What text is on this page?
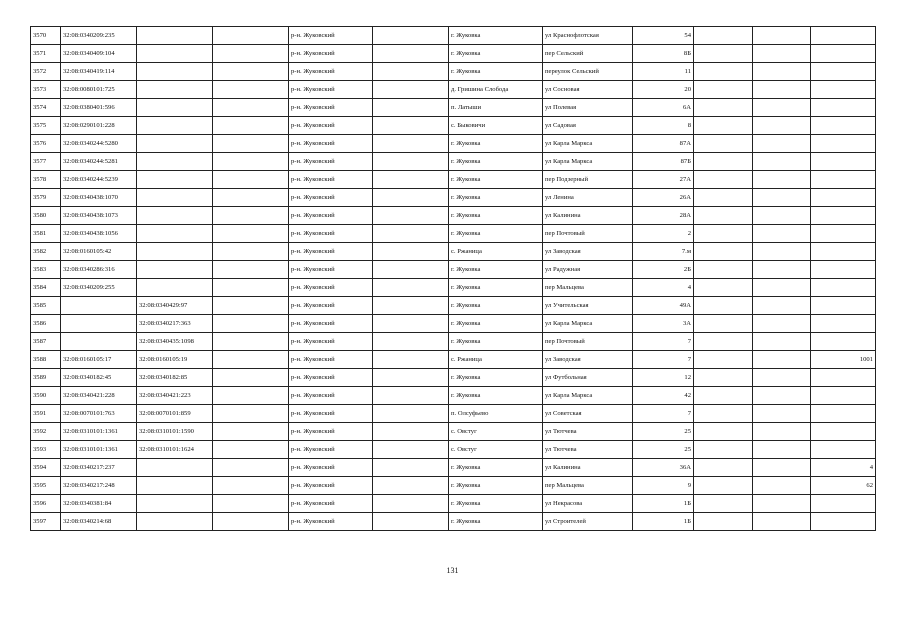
3570	32:08:0340209:235			р-н. Жуковский		г. Жуковка	ул Краснофлотская	54			
3571	32:08:0340409:104			р-н. Жуковский		г. Жуковка	пер Сельский	8Б			
3572	32:08:0340419:114			р-н. Жуковский		г. Жуковка	переулок Сельский	11			
3573	32:08:0080101:725			р-н. Жуковский		д. Гришина Слобода	ул Сосновая	20			
3574	32:08:0380401:596			р-н. Жуковский		п. Латыши	ул Полевая	6А			
3575	32:08:0290101:228			р-н. Жуковский		с. Быковичи	ул Садовая	8			
3576	32:08:0340244:5280			р-н. Жуковский		г. Жуковка	ул Карла Маркса	87А			
3577	32:08:0340244:5281			р-н. Жуковский		г. Жуковка	ул Карла Маркса	87Б			
3578	32:08:0340244:5239			р-н. Жуковский		г. Жуковка	пер Подзерный	27А			
3579	32:08:0340438:1070			р-н. Жуковский		г. Жуковка	ул Ленина	26А			
3580	32:08:0340438:1073			р-н. Жуковский		г. Жуковка	ул Калинина	28А			
3581	32:08:0340438:1056			р-н. Жуковский		г. Жуковка	пер Почтовый	2			
3582	32:08:0160105:42			р-н. Жуковский		с. Ржаница	ул Заводская	7.м			
3583	32:08:0340286:316			р-н. Жуковский		г. Жуковка	ул Радужная	2Б			
3584	32:08:0340209:255			р-н. Жуковский		г. Жуковка	пер Мальцева	4			
3585		32:08:0340429:97		р-н. Жуковский		г. Жуковка	ул Учительская	49А			
3586		32:08:0340217:363		р-н. Жуковский		г. Жуковка	ул Карла Маркса	3А			
3587		32:08:0340435:1098		р-н. Жуковский		г. Жуковка	пер Почтовый	7			
3588	32:08:0160105:17	32:08:0160105:19		р-н. Жуковский		с. Ржаница	ул Заводская	7			1001
3589	32:08:0340182:45	32:08:0340182:85		р-н. Жуковский		г. Жуковка	ул Футбольная	12			
3590	32:08:0340421:228	32:08:0340421:223		р-н. Жуковский		г. Жуковка	ул Карла Маркса	42			
3591	32:08:0070101:763	32:08:0070101:859		р-н. Жуковский		п. Олсуфьево	ул Советская	7			
3592	32:08:0310101:1361	32:08:0310101:1590		р-н. Жуковский		с. Овстуг	ул Тютчева	25			
3593	32:08:0310101:1361	32:08:0310101:1624		р-н. Жуковский		с. Овстуг	ул Тютчева	25			
3594	32:08:0340217:237			р-н. Жуковский		г. Жуковка	ул Калинина	36А			4
3595	32:08:0340217:248			р-н. Жуковский		г. Жуковка	пер Мальцева	9			62
3596	32:08:0340381:84			р-н. Жуковский		г. Жуковка	ул Некрасова	1Б			
3597	32:08:0340214:68			р-н. Жуковский		г. Жуковка	ул Строителей	1Б			
131
